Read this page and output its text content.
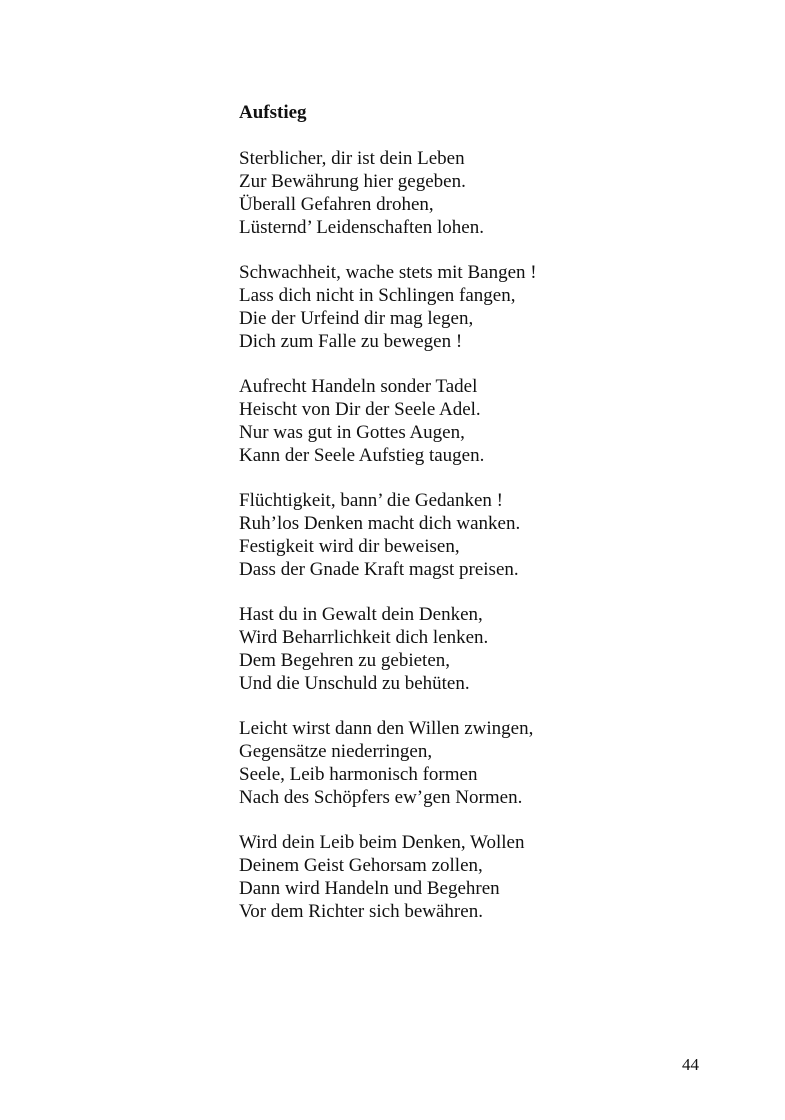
Aufstieg
Sterblicher, dir ist dein Leben
Zur Bewährung hier gegeben.
Überall Gefahren drohen,
Lüsternd’ Leidenschaften lohen.
Schwachheit, wache stets mit Bangen !
Lass dich nicht in Schlingen fangen,
Die der Urfeind dir mag legen,
Dich zum Falle zu bewegen !
Aufrecht Handeln sonder Tadel
Heischt von Dir der Seele Adel.
Nur was gut in Gottes Augen,
Kann der Seele Aufstieg taugen.
Flüchtigkeit, bann’ die Gedanken !
Ruh’los Denken macht dich wanken.
Festigkeit wird dir beweisen,
Dass der Gnade Kraft magst preisen.
Hast du in Gewalt dein Denken,
Wird Beharrlichkeit dich lenken.
Dem Begehren zu gebieten,
Und die Unschuld zu behüten.
Leicht wirst dann den Willen zwingen,
Gegensätze niederringen,
Seele, Leib harmonisch formen
Nach des Schöpfers ew’gen Normen.
Wird dein Leib beim Denken, Wollen
Deinem Geist Gehorsam zollen,
Dann wird Handeln und Begehren
Vor dem Richter sich bewähren.
44
